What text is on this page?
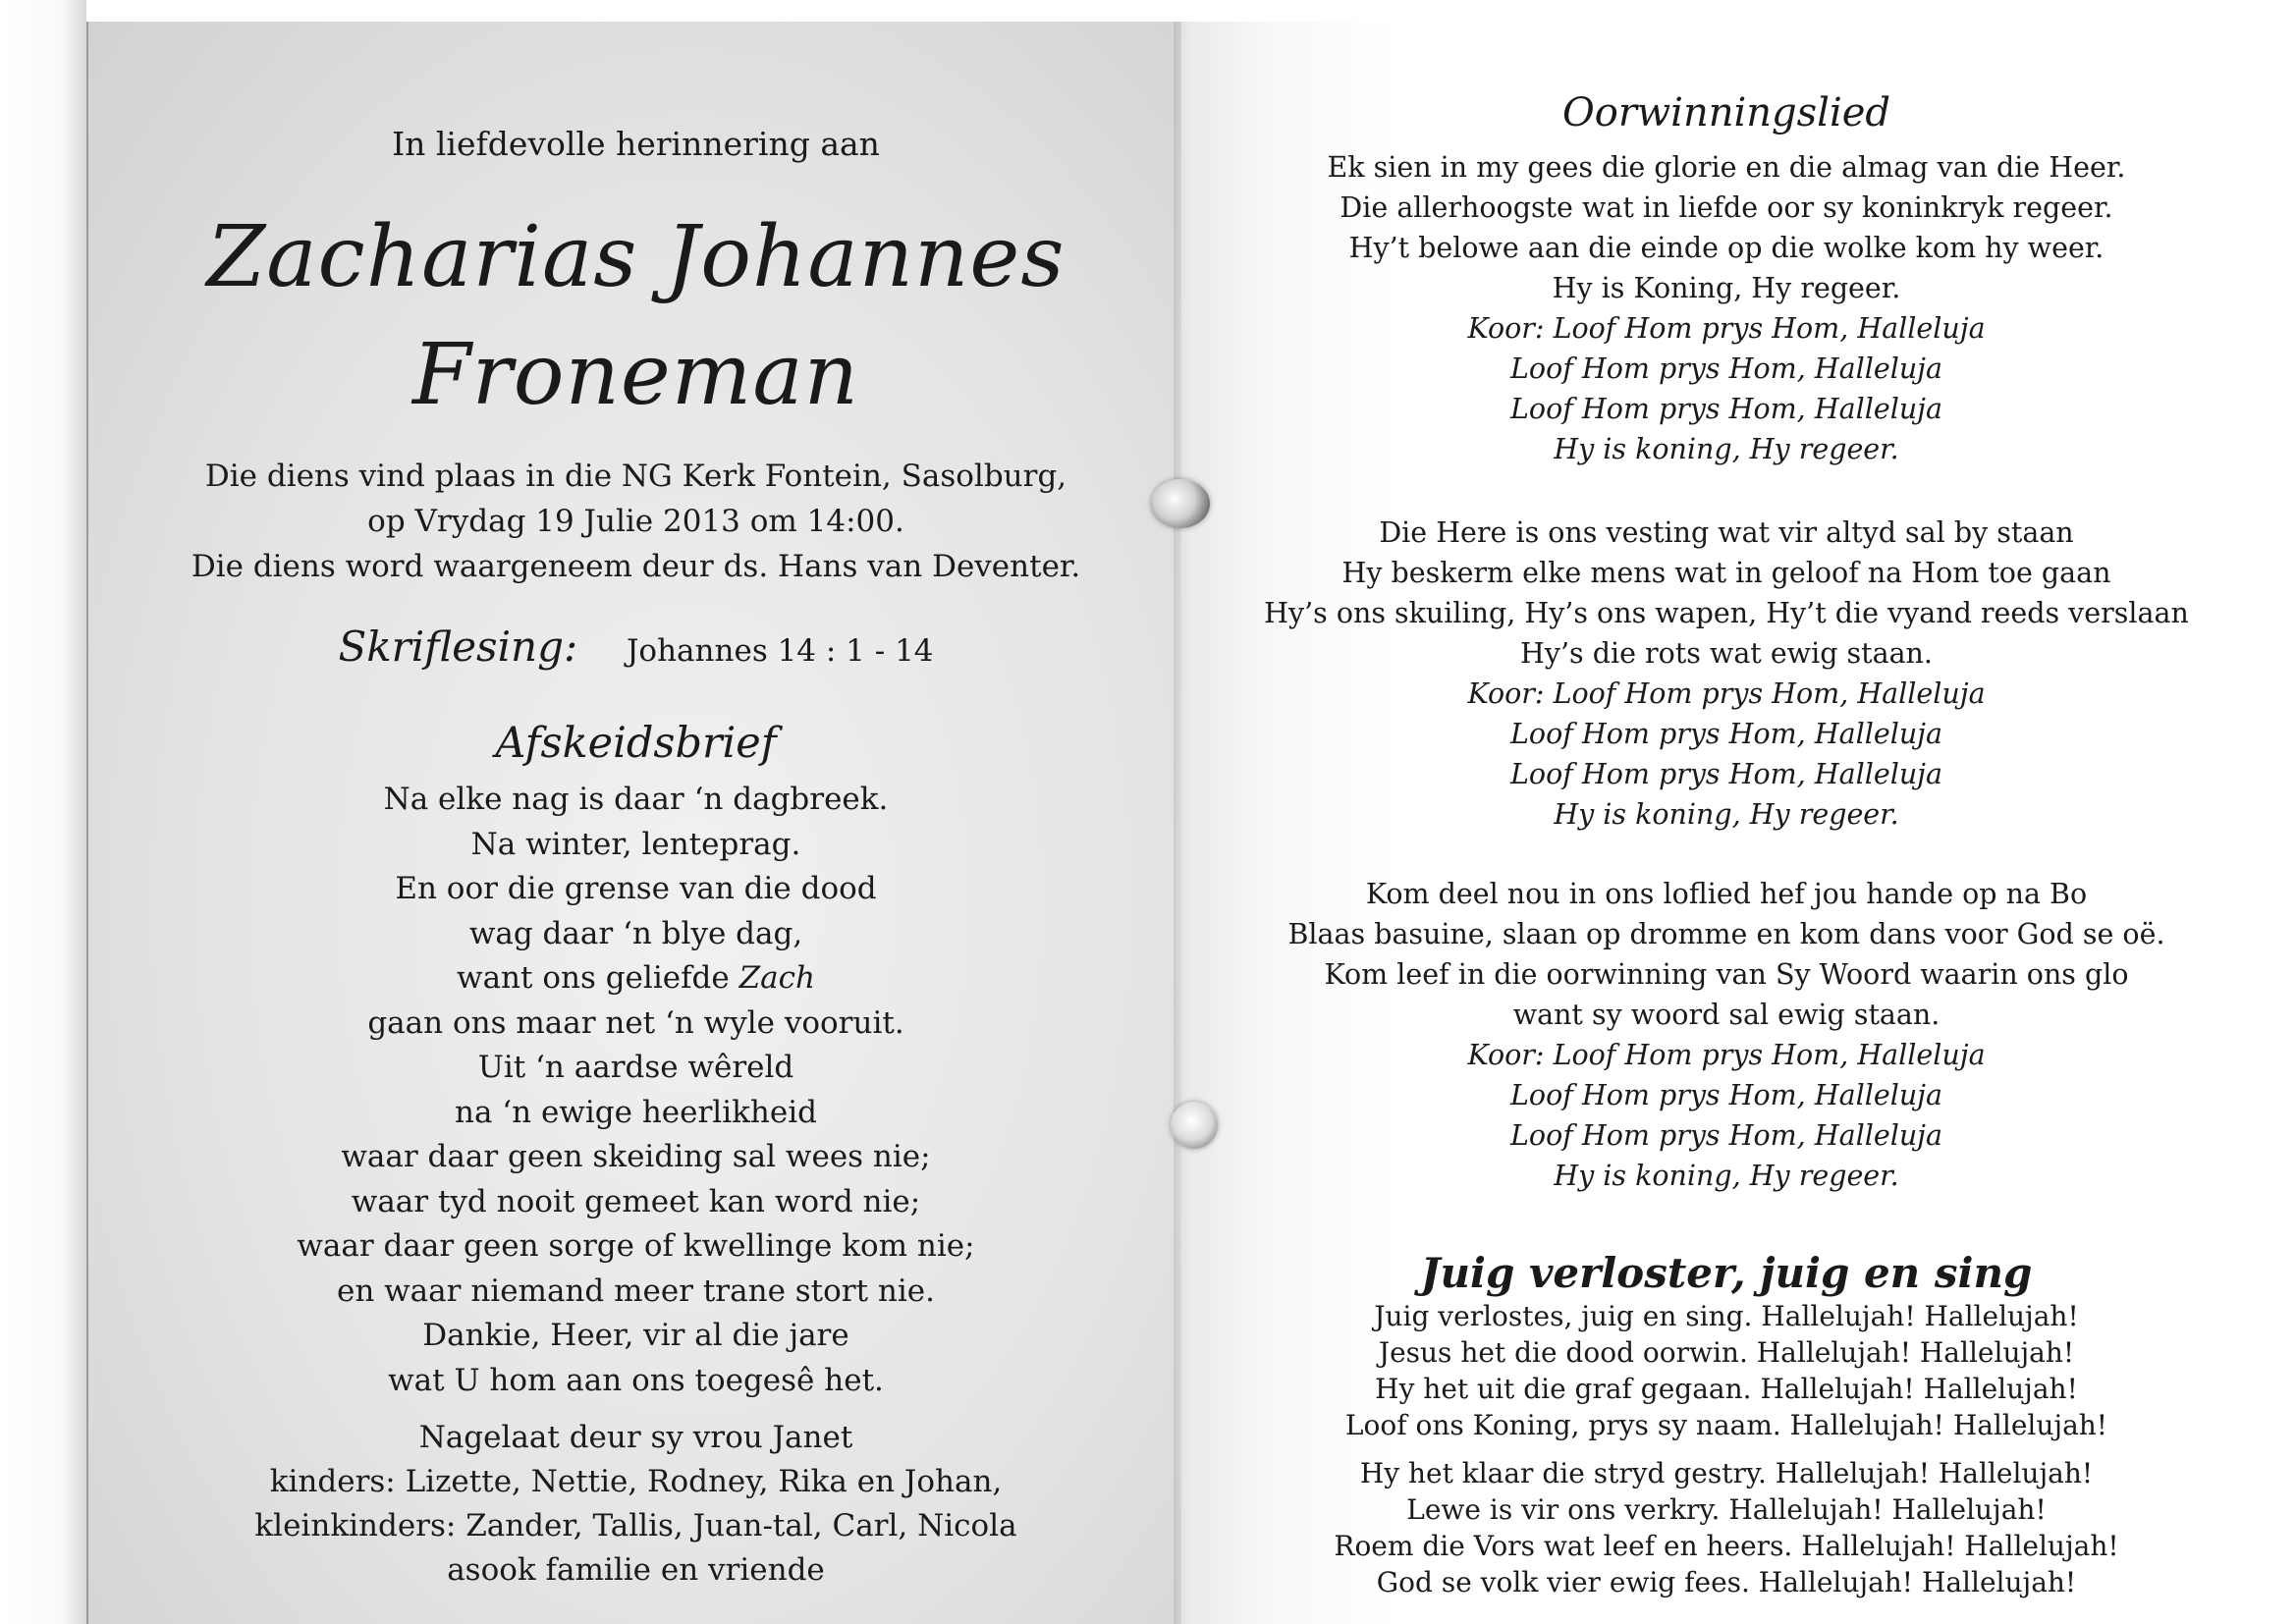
In liefdevolle herinnering aan
Zacharias Johannes
Froneman
Die diens vind plaas in die NG Kerk Fontein, Sasolburg,
op Vrydag 19 Julie 2013 om 14:00.
Die diens word waargeneem deur ds. Hans van Deventer.
Skriflesing: Johannes 14 : 1 - 14
Afskeidsbrief
Na elke nag is daar ‘n dagbreek.
Na winter, lenteprag.
En oor die grense van die dood
wag daar ‘n blye dag,
want ons geliefde Zach
gaan ons maar net ‘n wyle vooruit.
Uit ‘n aardse wêreld
na ‘n ewige heerlikheid
waar daar geen skeiding sal wees nie;
waar tyd nooit gemeet kan word nie;
waar daar geen sorge of kwellinge kom nie;
en waar niemand meer trane stort nie.
Dankie, Heer, vir al die jare
wat U hom aan ons toegesê het.
Nagelaat deur sy vrou Janet
kinders: Lizette, Nettie, Rodney, Rika en Johan,
kleinkinders: Zander, Tallis, Juan-tal, Carl, Nicola
asook familie en vriende
Oorwinningslied
Ek sien in my gees die glorie en die almag van die Heer.
Die allerhoogste wat in liefde oor sy koninkryk regeer.
Hy’t belowe aan die einde op die wolke kom hy weer.
Hy is Koning, Hy regeer.
Koor: Loof Hom prys Hom, Halleluja
Loof Hom prys Hom, Halleluja
Loof Hom prys Hom, Halleluja
Hy is koning, Hy regeer.
Die Here is ons vesting wat vir altyd sal by staan
Hy beskerm elke mens wat in geloof na Hom toe gaan
Hy’s ons skuiling, Hy’s ons wapen, Hy’t die vyand reeds verslaan
Hy’s die rots wat ewig staan.
Koor: Loof Hom prys Hom, Halleluja
Loof Hom prys Hom, Halleluja
Loof Hom prys Hom, Halleluja
Hy is koning, Hy regeer.
Kom deel nou in ons loflied hef jou hande op na Bo
Blaas basuine, slaan op dromme en kom dans voor God se oë.
Kom leef in die oorwinning van Sy Woord waarin ons glo
want sy woord sal ewig staan.
Koor: Loof Hom prys Hom, Halleluja
Loof Hom prys Hom, Halleluja
Loof Hom prys Hom, Halleluja
Hy is koning, Hy regeer.
Juig verloster, juig en sing
Juig verlostes, juig en sing. Hallelujah! Hallelujah!
Jesus het die dood oorwin. Hallelujah! Hallelujah!
Hy het uit die graf gegaan. Hallelujah! Hallelujah!
Loof ons Koning, prys sy naam. Hallelujah! Hallelujah!
Hy het klaar die stryd gestry. Hallelujah! Hallelujah!
Lewe is vir ons verkry. Hallelujah! Hallelujah!
Roem die Vors wat leef en heers. Hallelujah! Hallelujah!
God se volk vier ewig fees. Hallelujah! Hallelujah!
